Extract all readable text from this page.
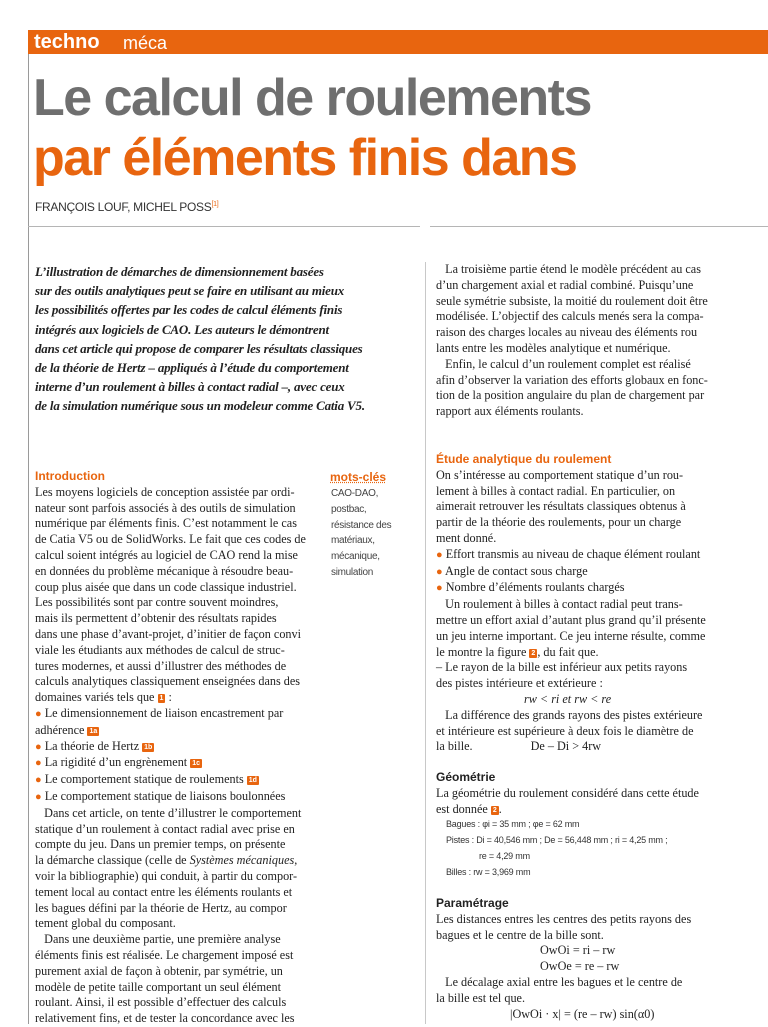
techno méca
Le calcul de roulements
par éléments finis dans
FRANÇOIS LOUF, MICHEL POSS[1]

L’illustration de démarches de dimensionnement basées

sur des outils analytiques peut se faire en utilisant au mieux

les possibilités offertes par les codes de calcul éléments finis

intégrés aux logiciels de CAO. Les auteurs le démontrent

dans cet article qui propose de comparer les résultats classiques

de la théorie de Hertz – appliqués à l’étude du comportement

interne d’un roulement à billes à contact radial –, avec ceux

de la simulation numérique sous un modeleur comme Catia V5.

mots-clés

CAO-DAO,

postbac,

résistance des

matériaux,

mécanique,

simulation

Introduction

Les moyens logiciels de conception assistée par ordi-

nateur sont parfois associés à des outils de simulation

numérique par éléments finis. C’est notamment le cas

de Catia V5 ou de SolidWorks. Le fait que ces codes de

calcul soient intégrés au logiciel de CAO rend la mise

en données du problème mécanique à résoudre beau-

coup plus aisée que dans un code classique industriel.

Les possibilités sont par contre souvent moindres,

mais ils permettent d’obtenir des résultats rapides

dans une phase d’avant-projet, d’initier de façon convi

viale les étudiants aux méthodes de calcul de struc-

tures modernes, et aussi d’illustrer des méthodes de

calculs analytiques classiquement enseignées dans des

domaines variés tels que 1 :

● Le dimensionnement de liaison encastrement par

adhérence 1a

● La théorie de Hertz 1b

● La rigidité d’un engrènement 1c

● Le comportement statique de roulements 1d

● Le comportement statique de liaisons boulonnées

Dans cet article, on tente d’illustrer le comportement

statique d’un roulement à contact radial avec prise en

compte du jeu. Dans un premier temps, on présente

la démarche classique (celle de Systèmes mécaniques,

voir la bibliographie) qui conduit, à partir du compor-

tement local au contact entre les éléments roulants et

les bagues défini par la théorie de Hertz, au compor

tement global du composant.

Dans une deuxième partie, une première analyse

éléments finis est réalisée. Le chargement imposé est

purement axial de façon à obtenir, par symétrie, un

modèle de petite taille comportant un seul élément

roulant. Ainsi, il est possible d’effectuer des calculs

relativement fins, et de tester la concordance avec les

La troisième partie étend le modèle précédent au cas

d’un chargement axial et radial combiné. Puisqu’une

seule symétrie subsiste, la moitié du roulement doit être

modélisée. L’objectif des calculs menés sera la compa-

raison des charges locales au niveau des éléments rou

lants entre les modèles analytique et numérique.

Enfin, le calcul d’un roulement complet est réalisé

afin d’observer la variation des efforts globaux en fonc-

tion de la position angulaire du plan de chargement par

rapport aux éléments roulants.

Étude analytique du roulement

On s’intéresse au comportement statique d’un rou-

lement à billes à contact radial. En particulier, on

aimerait retrouver les résultats classiques obtenus à

partir de la théorie des roulements, pour un charge

ment donné.

● Effort transmis au niveau de chaque élément roulant

● Angle de contact sous charge

● Nombre d’éléments roulants chargés

Un roulement à billes à contact radial peut trans-

mettre un effort axial d’autant plus grand qu’il présente

un jeu interne important. Ce jeu interne résulte, comme

le montre la figure 2 , du fait que.

– Le rayon de la bille est inférieur aux petits rayons

des pistes intérieure et extérieure :

rw < ri et rw < re

La différence des grands rayons des pistes extérieure

et intérieure est supérieure à deux fois le diamètre de

la bille.	De – Di > 4rw

Géométrie

La géométrie du roulement considéré dans cette étude

est donnée 2 .

Bagues : φi = 35 mm ; φe = 62 mm

Pistes : Di = 40,546 mm ; De = 56,448 mm ; ri = 4,25 mm ;

re = 4,29 mm

Billes : rw = 3,969 mm

Paramétrage

Les distances entres les centres des petits rayons des

bagues et le centre de la bille sont.

OwOi = ri – rw

OwOe = re – rw

Le décalage axial entre les bagues et le centre de

la bille est tel que.

|OwOi · x| = (re – rw) sin(α0)
